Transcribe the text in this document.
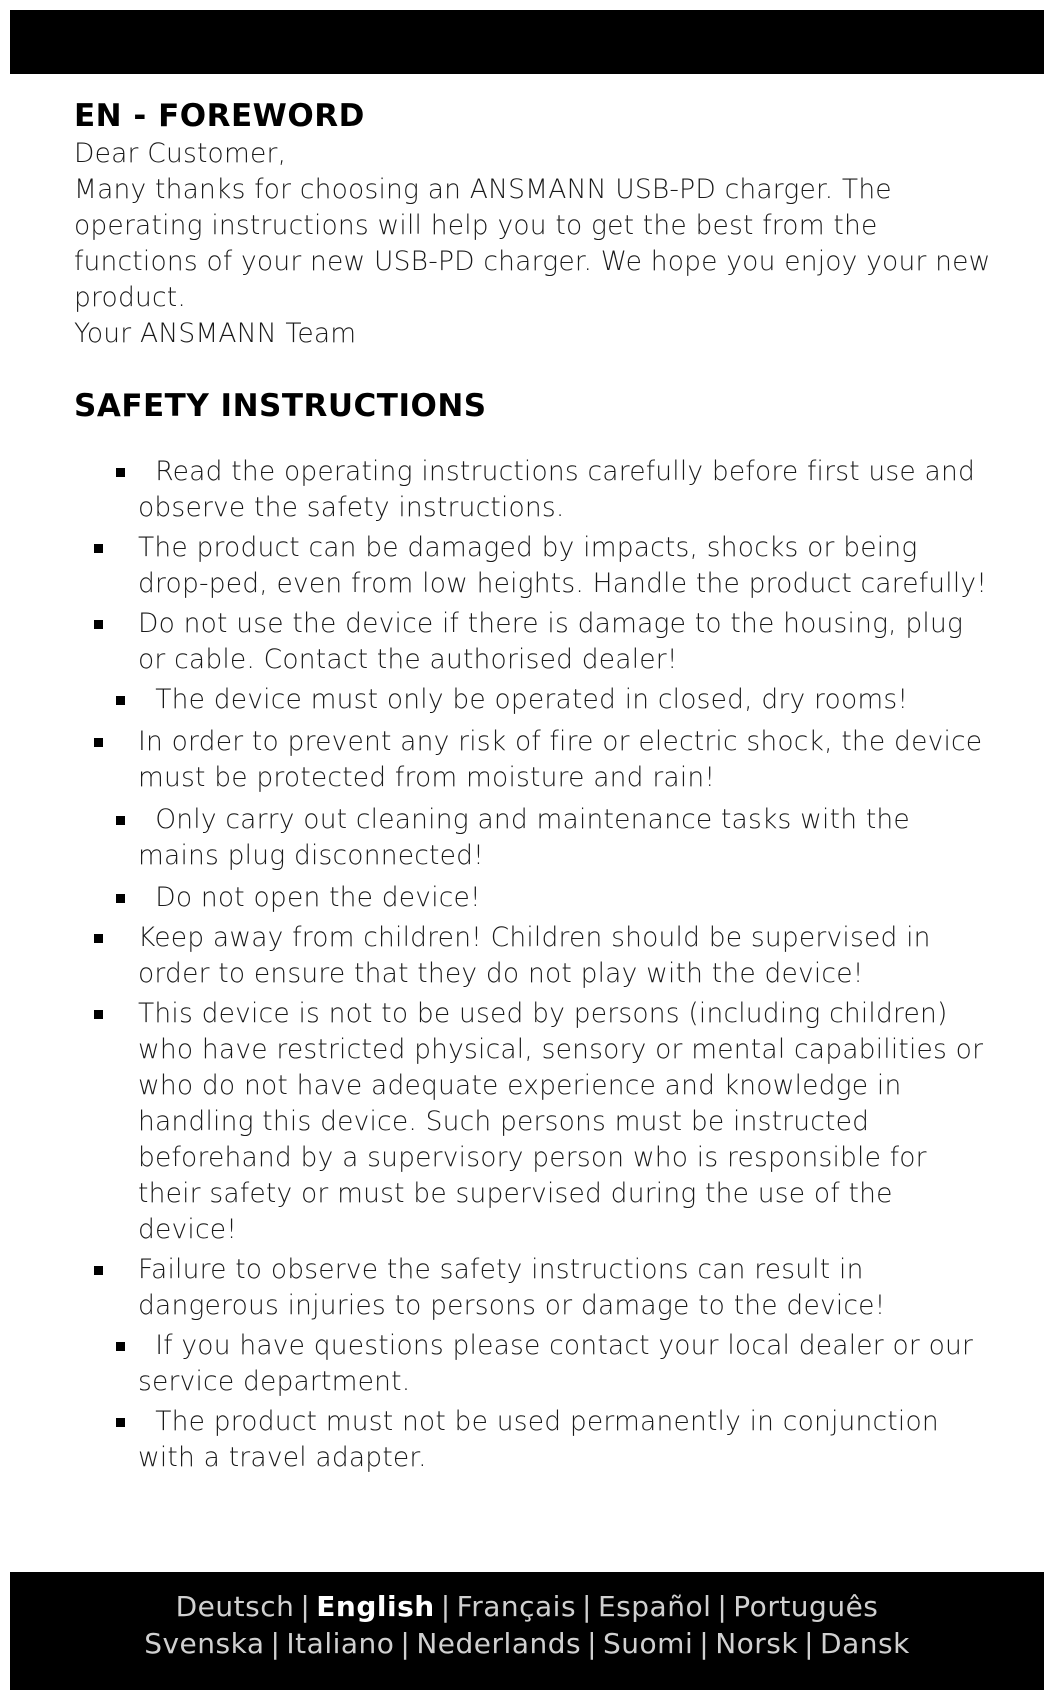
EN - FOREWORD

Dear Customer,

Many thanks for choosing an ANSMANN USB-PD charger. The operating instructions will help you to get the best from the functions of your new USB-PD charger. We hope you enjoy your new product.

Your ANSMANN Team

SAFETY INSTRUCTIONS
Read the operating instructions carefully before first use and observe the safety instructions.
The product can be damaged by impacts, shocks or being drop-ped, even from low heights. Handle the product carefully!
Do not use the device if there is damage to the housing, plug or cable. Contact the authorised dealer!
The device must only be operated in closed, dry rooms!
In order to prevent any risk of fire or electric shock, the device must be protected from moisture and rain!
Only carry out cleaning and maintenance tasks with the mains plug disconnected!
Do not open the device!
Keep away from children! Children should be supervised in order to ensure that they do not play with the device!
This device is not to be used by persons (including children) who have restricted physical, sensory or mental capabilities or who do not have adequate experience and knowledge in handling this device. Such persons must be instructed beforehand by a supervisory person who is responsible for their safety or must be supervised during the use of the device!
Failure to observe the safety instructions can result in dangerous injuries to persons or damage to the device!
If you have questions please contact your local dealer or our service department.
The product must not be used permanently in conjunction with a travel adapter.
Deutsch | English | Français | Español | Português
Svenska | Italiano | Nederlands | Suomi | Norsk | Dansk
